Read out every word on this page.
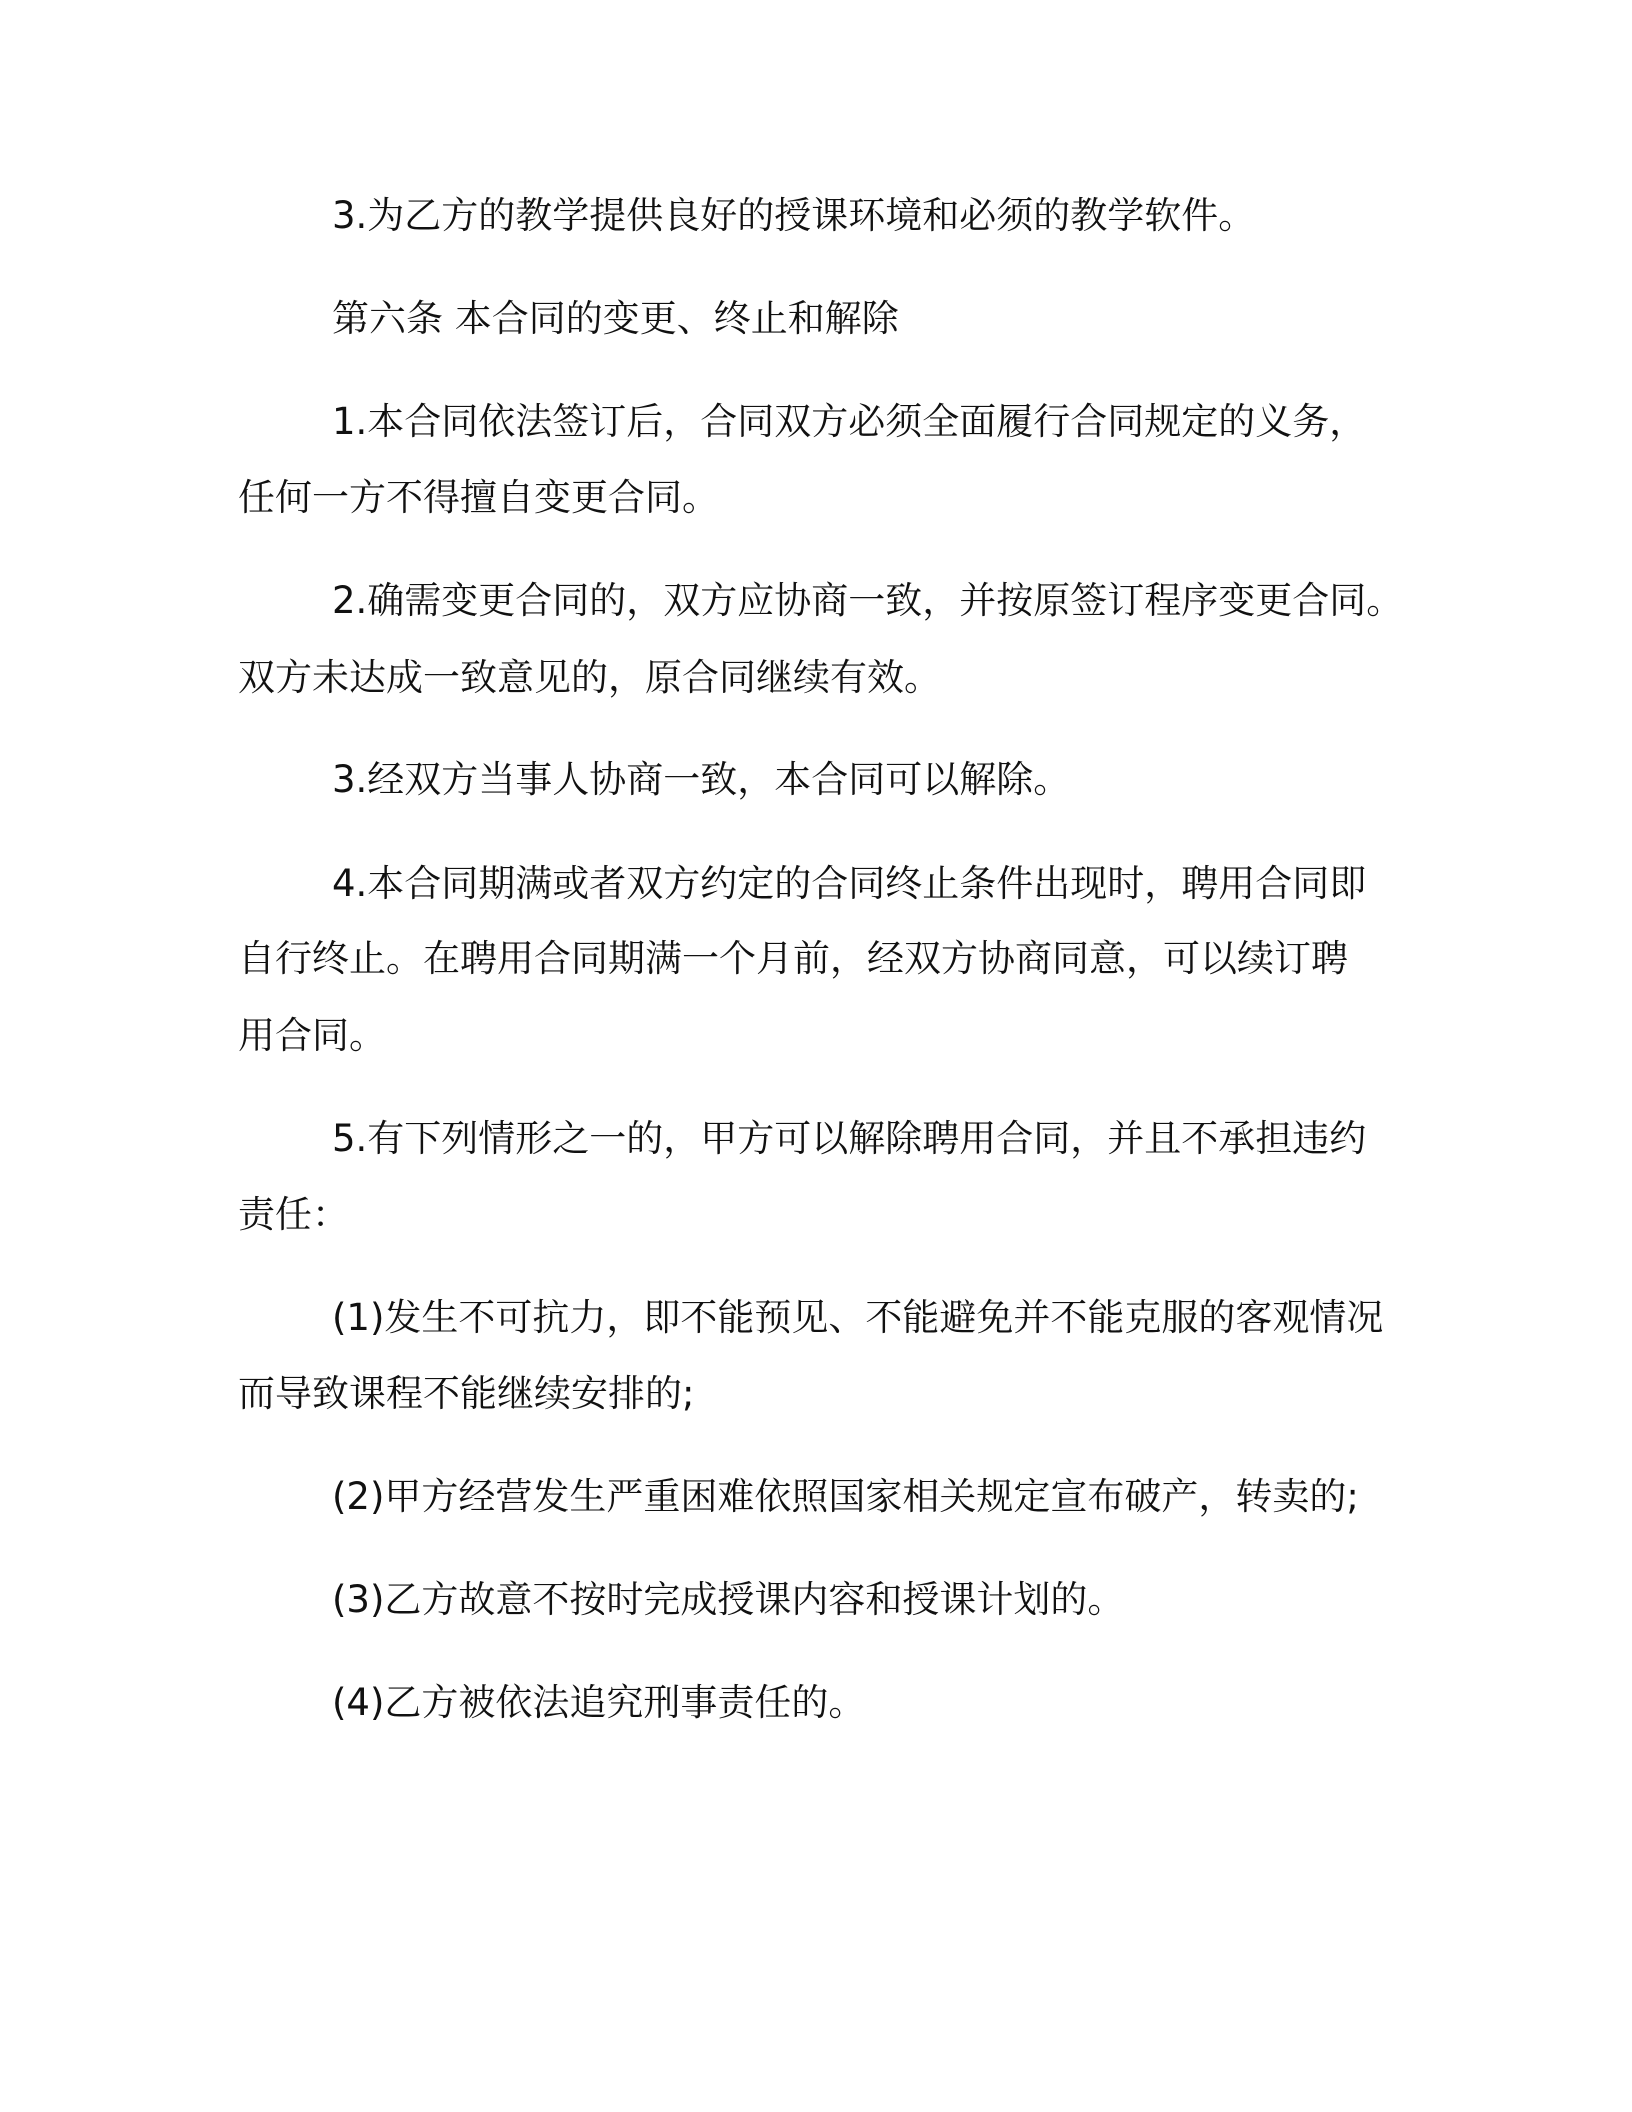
3.为乙方的教学提供良好的授课环境和必须的教学软件。
第六条 本合同的变更、终止和解除
1.本合同依法签订后，合同双方必须全面履行合同规定的义务，
任何一方不得擅自变更合同。
2.确需变更合同的，双方应协商一致，并按原签订程序变更合同。
双方未达成一致意见的，原合同继续有效。
3.经双方当事人协商一致，本合同可以解除。
4.本合同期满或者双方约定的合同终止条件出现时，聘用合同即
自行终止。在聘用合同期满一个月前，经双方协商同意，可以续订聘
用合同。
5.有下列情形之一的，甲方可以解除聘用合同，并且不承担违约
责任：
(1)发生不可抗力，即不能预见、不能避免并不能克服的客观情况
而导致课程不能继续安排的;
(2)甲方经营发生严重困难依照国家相关规定宣布破产，转卖的;
(3)乙方故意不按时完成授课内容和授课计划的。
(4)乙方被依法追究刑事责任的。
